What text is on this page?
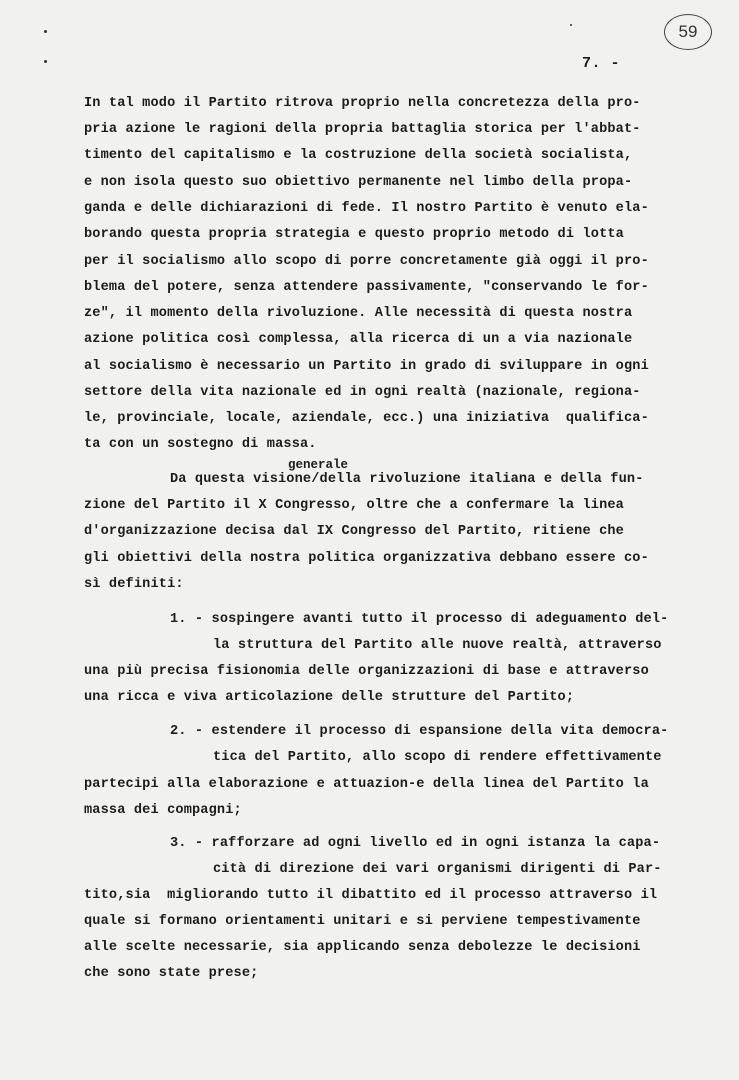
59
7. -
In tal modo il Partito ritrova proprio nella concretezza della pro-
pria azione le ragioni della propria battaglia storica per l'abbat-
timento del capitalismo e la costruzione della società socialista,
e non isola questo suo obiettivo permanente nel limbo della propa-
ganda e delle dichiarazioni di fede. Il nostro Partito è venuto ela-
borando questa propria strategia e questo proprio metodo di lotta
per il socialismo allo scopo di porre concretamente già oggi il pro-
blema del potere, senza attendere passivamente, "conservando le for-
ze", il momento della rivoluzione. Alle necessità di questa nostra
azione politica così complessa, alla ricerca di un a via nazionale
al socialismo è necessario un Partito in grado di sviluppare in ogni
settore della vita nazionale ed in ogni realtà (nazionale, regiona-
le, provinciale, locale, aziendale, ecc.) una iniziativa  qualifica-
ta con un sostegno di massa.
generale
Da questa visione/della rivoluzione italiana e della fun-
zione del Partito il X Congresso, oltre che a confermare la linea
d'organizzazione decisa dal IX Congresso del Partito, ritiene che
gli obiettivi della nostra politica organizzativa debbano essere co-
sì definiti:
1. - sospingere avanti tutto il processo di adeguamento del-
la struttura del Partito alle nuove realtà, attraverso
una più precisa fisionomia delle organizzazioni di base e attraverso
una ricca e viva articolazione delle strutture del Partito;
2. - estendere il processo di espansione della vita democra-
tica del Partito, allo scopo di rendere effettivamente
partecipi alla elaborazione e attuazion-e della linea del Partito la
massa dei compagni;
3. - rafforzare ad ogni livello ed in ogni istanza la capa-
cità di direzione dei vari organismi dirigenti di Par-
tito,sia  migliorando tutto il dibattito ed il processo attraverso il
quale si formano orientamenti unitari e si perviene tempestivamente
alle scelte necessarie, sia applicando senza debolezze le decisioni
che sono state prese;
